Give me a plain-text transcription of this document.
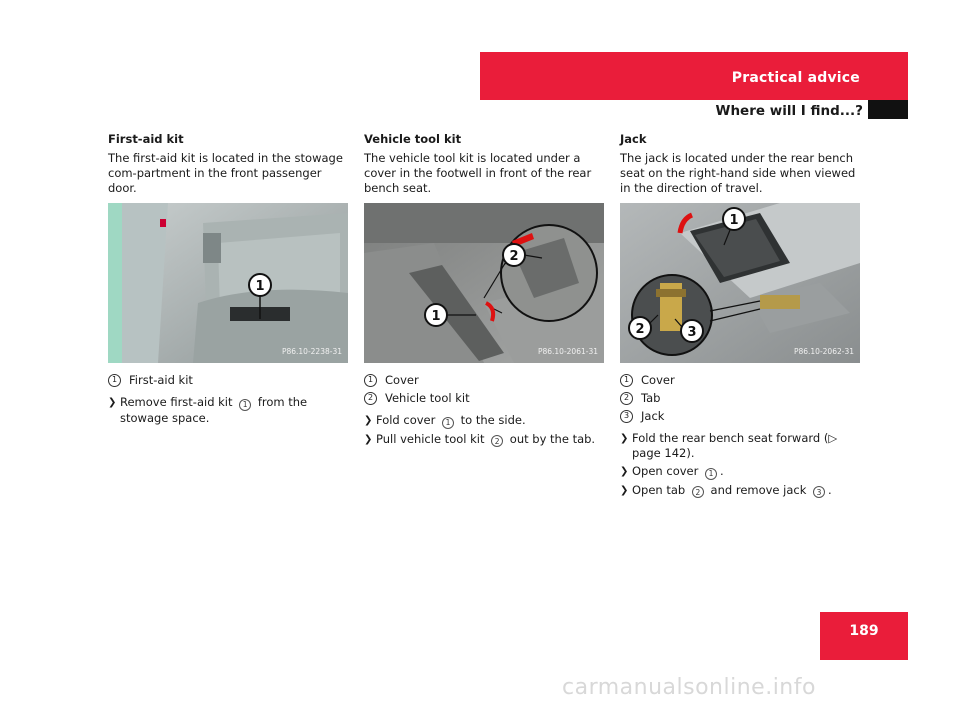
Practical advice
Where will I find...?

First-aid kit

The first-aid kit is located in the stowage com-partment in the front passenger door.

1
P86.10-2238-31
1	First-aid kit
❯ Remove first-aid kit 1 from the stowage space.

Vehicle tool kit

The vehicle tool kit is located under a cover in the footwell in front of the rear bench seat.

2
1
P86.10-2061-31
1	Cover
2	Vehicle tool kit
❯ Fold cover 1 to the side.
❯ Pull vehicle tool kit 2 out by the tab.

Jack

The jack is located under the rear bench seat on the right-hand side when viewed in the direction of travel.

1
2	3
P86.10-2062-31
1	Cover
2	Tab
3	Jack
❯ Fold the rear bench seat forward (▷ page 142).
❯ Open cover 1 .
❯ Open tab 2 and remove jack 3 .
189
carmanualsonline.info
